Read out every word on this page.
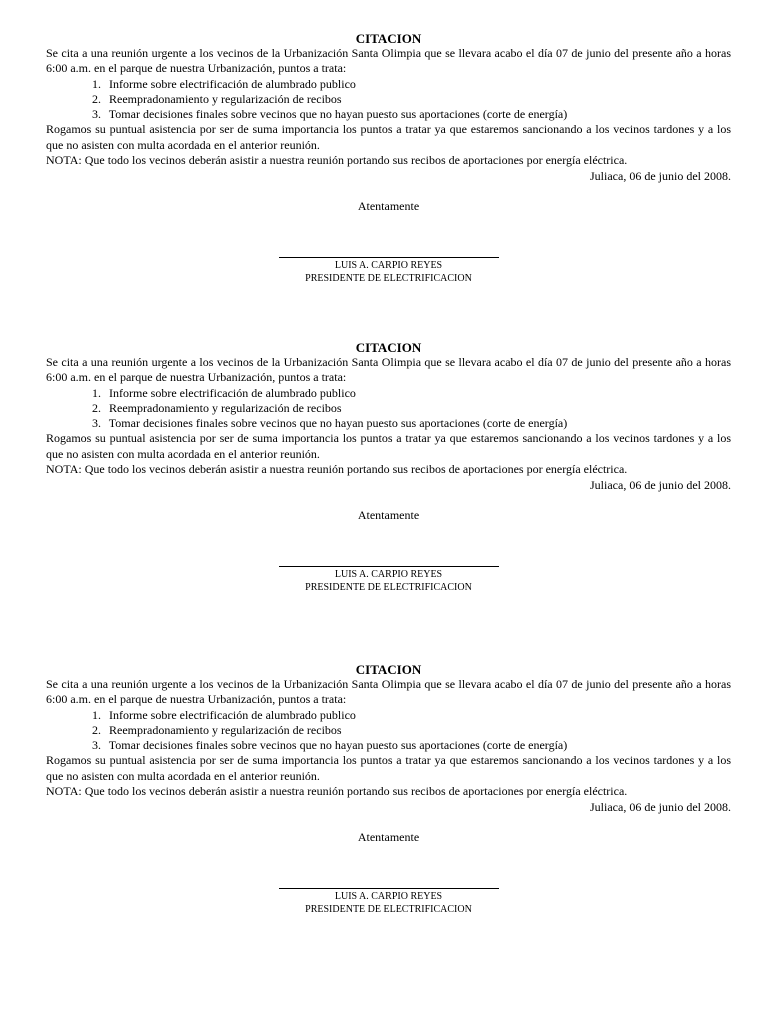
CITACION
Se cita a una reunión urgente a los vecinos de la Urbanización Santa Olimpia que se llevara acabo el día 07 de junio del presente año a horas 6:00 a.m. en el parque de nuestra Urbanización, puntos a trata:
1. Informe sobre electrificación de alumbrado publico
2. Reempradonamiento y regularización de recibos
3. Tomar decisiones finales sobre vecinos que no hayan puesto sus aportaciones (corte de energía)
Rogamos su puntual asistencia por ser de suma importancia los puntos a tratar ya que estaremos sancionando a los vecinos tardones y a los que no asisten con multa acordada en el anterior reunión.
NOTA: Que todo los vecinos deberán asistir a nuestra reunión portando sus recibos de aportaciones por energía eléctrica.
Juliaca, 06 de junio del 2008.
Atentamente
LUIS A. CARPIO REYES
PRESIDENTE DE ELECTRIFICACION
CITACION
Se cita a una reunión urgente a los vecinos de la Urbanización Santa Olimpia que se llevara acabo el día 07 de junio del presente año a horas 6:00 a.m. en el parque de nuestra Urbanización, puntos a trata:
1. Informe sobre electrificación de alumbrado publico
2. Reempradonamiento y regularización de recibos
3. Tomar decisiones finales sobre vecinos que no hayan puesto sus aportaciones (corte de energía)
Rogamos su puntual asistencia por ser de suma importancia los puntos a tratar ya que estaremos sancionando a los vecinos tardones y a los que no asisten con multa acordada en el anterior reunión.
NOTA: Que todo los vecinos deberán asistir a nuestra reunión portando sus recibos de aportaciones por energía eléctrica.
Juliaca, 06 de junio del 2008.
Atentamente
LUIS A. CARPIO REYES
PRESIDENTE DE ELECTRIFICACION
CITACION
Se cita a una reunión urgente a los vecinos de la Urbanización Santa Olimpia que se llevara acabo el día 07 de junio del presente año a horas 6:00 a.m. en el parque de nuestra Urbanización, puntos a trata:
1. Informe sobre electrificación de alumbrado publico
2. Reempradonamiento y regularización de recibos
3. Tomar decisiones finales sobre vecinos que no hayan puesto sus aportaciones (corte de energía)
Rogamos su puntual asistencia por ser de suma importancia los puntos a tratar ya que estaremos sancionando a los vecinos tardones y a los que no asisten con multa acordada en el anterior reunión.
NOTA: Que todo los vecinos deberán asistir a nuestra reunión portando sus recibos de aportaciones por energía eléctrica.
Juliaca, 06 de junio del 2008.
Atentamente
LUIS A. CARPIO REYES
PRESIDENTE DE ELECTRIFICACION
